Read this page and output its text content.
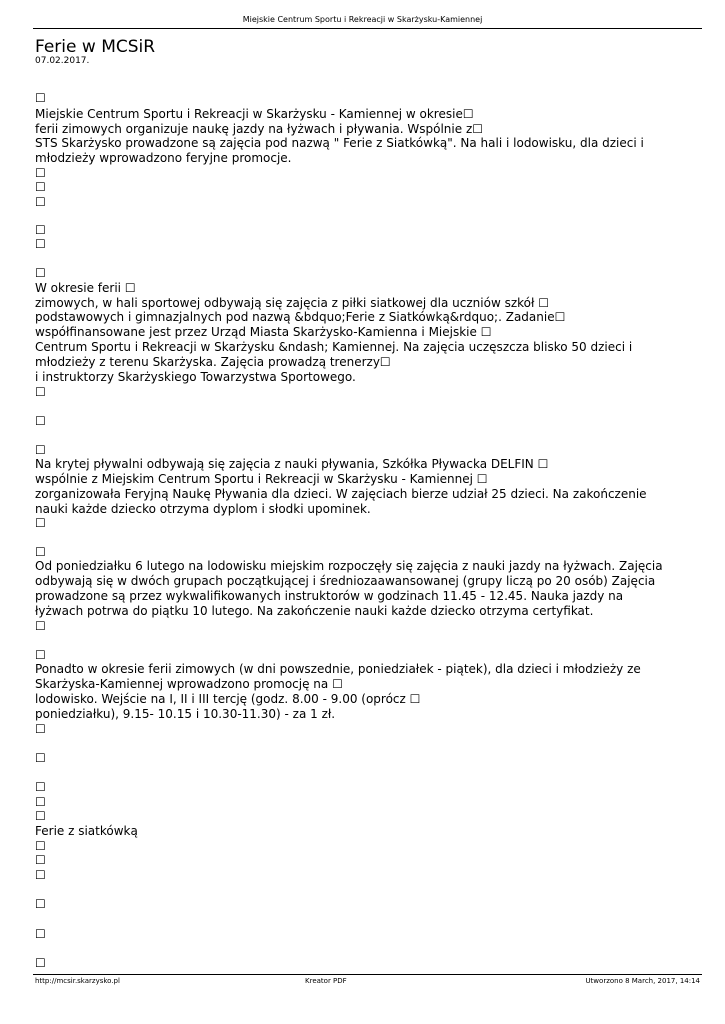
Miejskie Centrum Sportu i Rekreacji w Skarżysku-Kamiennej
Ferie w MCSiR
07.02.2017.
☐
Miejskie Centrum Sportu i Rekreacji w Skarżysku - Kamiennej w okresie☐
ferii zimowych organizuje naukę jazdy na łyżwach i pływania. Wspólnie z☐
STS Skarżysko prowadzone są zajęcia pod nazwą " Ferie z Siatkówką". Na hali i lodowisku, dla dzieci i
młodzieży wprowadzono feryjne promocje.
☐
☐
☐
☐
☐
☐
W okresie ferii ☐
zimowych, w hali sportowej odbywają się zajęcia z piłki siatkowej dla uczniów szkół ☐
podstawowych i gimnazjalnych pod nazwą &bdquo;Ferie z Siatkówką&rdquo;. Zadanie☐
współfinansowane jest przez Urząd Miasta Skarżysko-Kamienna i Miejskie ☐
Centrum Sportu i Rekreacji w Skarżysku &ndash; Kamiennej. Na zajęcia uczęszcza blisko 50 dzieci i
młodzieży z terenu Skarżyska. Zajęcia prowadzą trenerzy☐
i instruktorzy Skarżyskiego Towarzystwa Sportowego.
☐
☐
☐
Na krytej pływalni odbywają się zajęcia z nauki pływania, Szkółka Pływacka DELFIN ☐
wspólnie z Miejskim Centrum Sportu i Rekreacji w Skarżysku - Kamiennej ☐
zorganizowała Feryjną Naukę Pływania dla dzieci. W zajęciach bierze udział 25 dzieci. Na zakończenie
nauki każde dziecko otrzyma dyplom i słodki upominek.
☐
☐
Od poniedziałku 6 lutego na lodowisku miejskim rozpoczęły się zajęcia z nauki jazdy na łyżwach. Zajęcia
odbywają się w dwóch grupach początkującej i średniozaawansowanej (grupy liczą po 20 osób) Zajęcia
prowadzone są przez wykwalifikowanych instruktorów w godzinach 11.45 - 12.45. Nauka jazdy na
łyżwach potrwa do piątku 10 lutego. Na zakończenie nauki każde dziecko otrzyma certyfikat.
☐
☐
Ponadto w okresie ferii zimowych (w dni powszednie, poniedziałek - piątek), dla dzieci i młodzieży ze
Skarżyska-Kamiennej wprowadzono promocję na ☐
lodowisko. Wejście na I, II i III tercję (godz. 8.00 - 9.00 (oprócz ☐
poniedziałku), 9.15- 10.15 i 10.30-11.30) - za 1 zł.
☐
☐
☐
☐
☐
Ferie z siatkówką
☐
☐
☐
☐
☐
☐
http://mcsir.skarzysko.pl	Kreator PDF	Utworzono 8 March, 2017, 14:14
